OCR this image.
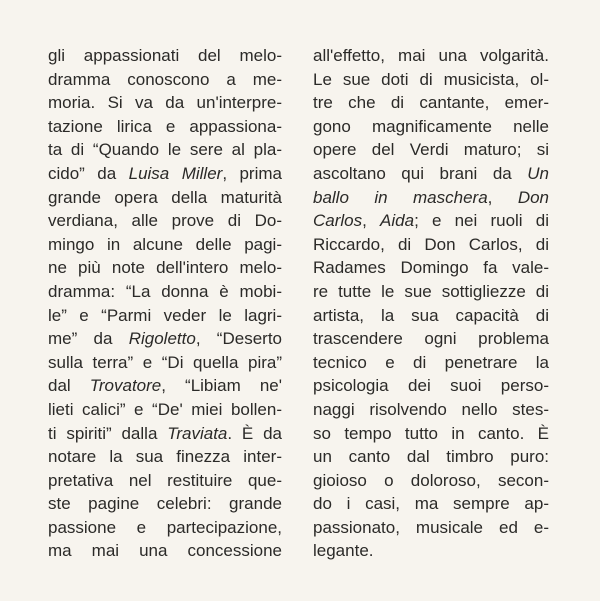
gli appassionati del melo-
dramma conoscono a me-
moria. Si va da un'interpre-
tazione lirica e appassiona-
ta di “Quando le sere al pla-
cido” da Luisa Miller, prima
grande opera della maturità
verdiana, alle prove di Do-
mingo in alcune delle pagi-
ne più note dell'intero melo-
dramma: “La donna è mobi-
le” e “Parmi veder le lagri-
me” da Rigoletto, “Deserto
sulla terra” e “Di quella pira”
dal Trovatore, “Libiam ne'
lieti calici” e “De' miei bollen-
ti spiriti” dalla Traviata. È da
notare la sua finezza inter-
pretativa nel restituire que-
ste pagine celebri: grande
passione e partecipazione,
ma mai una concessione
all'effetto, mai una volgarità.
Le sue doti di musicista, ol-
tre che di cantante, emer-
gono magnificamente nelle
opere del Verdi maturo; si
ascoltano qui brani da Un
ballo in maschera, Don
Carlos, Aida; e nei ruoli di
Riccardo, di Don Carlos, di
Radames Domingo fa vale-
re tutte le sue sottigliezze di
artista, la sua capacità di
trascendere ogni problema
tecnico e di penetrare la
psicologia dei suoi perso-
naggi risolvendo nello stes-
so tempo tutto in canto. È
un canto dal timbro puro:
gioioso o doloroso, secon-
do i casi, ma sempre ap-
passionato, musicale ed e-
legante.
